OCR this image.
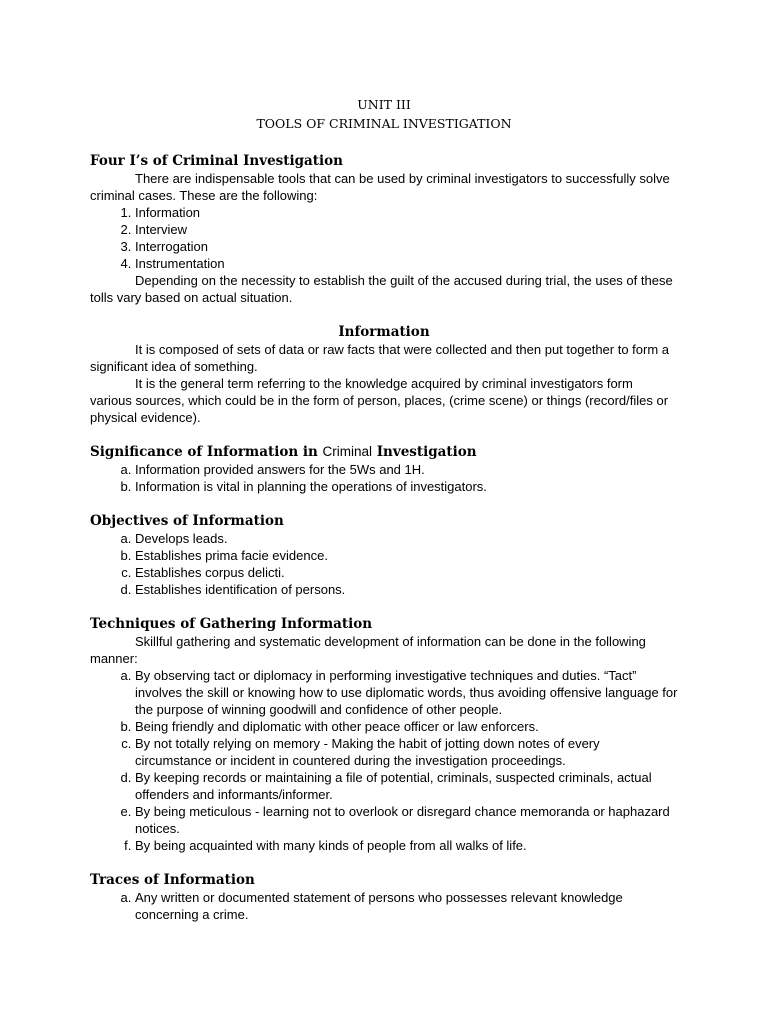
UNIT III
TOOLS OF CRIMINAL INVESTIGATION
Four I’s of Criminal Investigation

There are indispensable tools that can be used by criminal investigators to successfully solve criminal cases. These are the following:

1. Information
2. Interview
3. Interrogation
4. Instrumentation

Depending on the necessity to establish the guilt of the accused during trial, the uses of these tolls vary based on actual situation.

Information

It is composed of sets of data or raw facts that were collected and then put together to form a significant idea of something.

It is the general term referring to the knowledge acquired by criminal investigators form various sources, which could be in the form of person, places, (crime scene) or things (record/files or physical evidence).

Significance of Information in Criminal Investigation
a. Information provided answers for the 5Ws and 1H.
b. Information is vital in planning the operations of investigators.
Objectives of Information
a. Develops leads.
b. Establishes prima facie evidence.
c. Establishes corpus delicti.
d. Establishes identification of persons.
Techniques of Gathering Information

Skillful gathering and systematic development of information can be done in the following manner:

a. By observing tact or diplomacy in performing investigative techniques and duties. “Tact” involves the skill or knowing how to use diplomatic words, thus avoiding offensive language for the purpose of winning goodwill and confidence of other people.
b. Being friendly and diplomatic with other peace officer or law enforcers.
c. By not totally relying on memory - Making the habit of jotting down notes of every circumstance or incident in countered during the investigation proceedings.
d. By keeping records or maintaining a file of potential, criminals, suspected criminals, actual offenders and informants/informer.
e. By being meticulous - learning not to overlook or disregard chance memoranda or haphazard notices.
f. By being acquainted with many kinds of people from all walks of life.
Traces of Information
a. Any written or documented statement of persons who possesses relevant knowledge concerning a crime.
